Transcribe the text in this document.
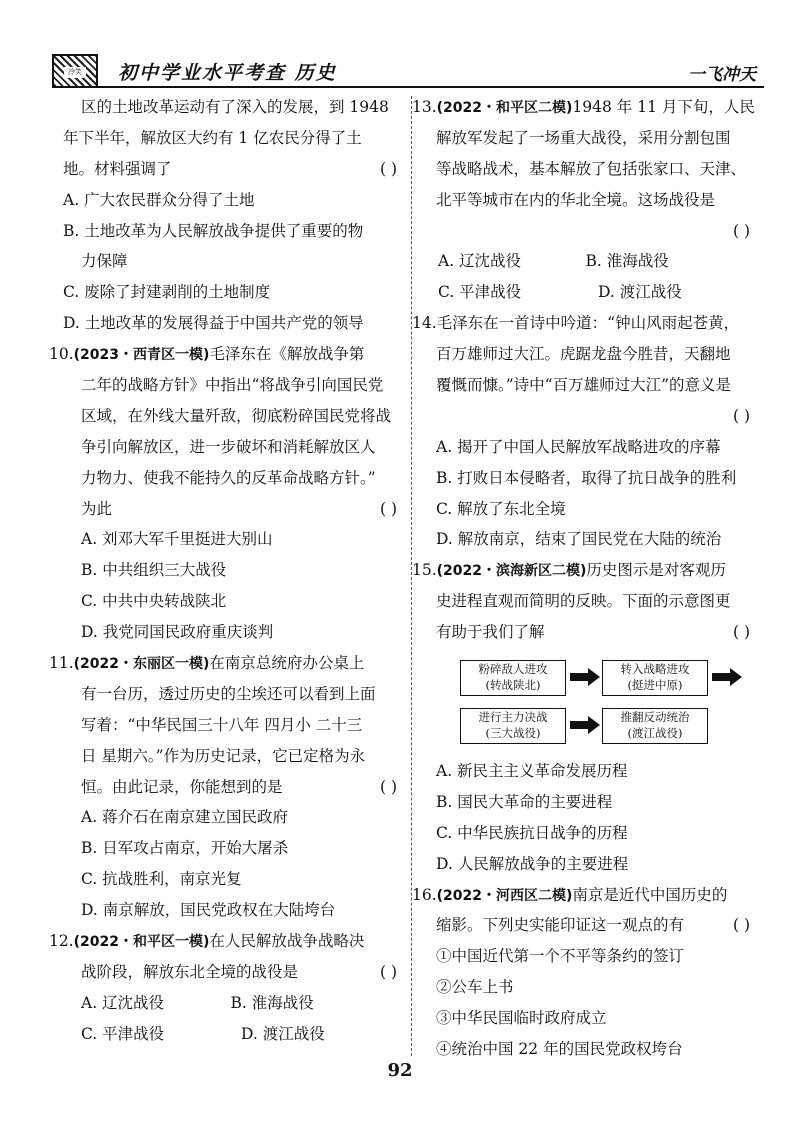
冷笑 初中学业水平考查 历史	一飞冲天
区的土地改革运动有了深入的发展，到 1948
年下半年，解放区大约有 1 亿农民分得了土
地。材料强调了	( )
A. 广大农民群众分得了土地
B. 土地改革为人民解放战争提供了重要的物
力保障
C. 废除了封建剥削的土地制度
D. 土地改革的发展得益于中国共产党的领导
10.(2023・西青区一模)毛泽东在《解放战争第
二年的战略方针》中指出“将战争引向国民党
区域，在外线大量歼敌，彻底粉碎国民党将战
争引向解放区，进一步破坏和消耗解放区人
力物力、使我不能持久的反革命战略方针。”
为此	( )
A. 刘邓大军千里挺进大别山
B. 中共组织三大战役
C. 中共中央转战陕北
D. 我党同国民政府重庆谈判
11.(2022・东丽区一模)在南京总统府办公桌上
有一台历，透过历史的尘埃还可以看到上面
写着：“中华民国三十八年 四月小 二十三
日 星期六。”作为历史记录，它已定格为永
恒。由此记录，你能想到的是	( )
A. 蒋介石在南京建立国民政府
B. 日军攻占南京，开始大屠杀
C. 抗战胜利，南京光复
D. 南京解放，国民党政权在大陆垮台
12.(2022・和平区一模)在人民解放战争战略决
战阶段，解放东北全境的战役是	( )
A. 辽沈战役	B. 淮海战役
C. 平津战役	D. 渡江战役
13.(2022・和平区二模)1948 年 11 月下旬，人民
解放军发起了一场重大战役，采用分割包围
等战略战术，基本解放了包括张家口、天津、
北平等城市在内的华北全境。这场战役是
( )
A. 辽沈战役	B. 淮海战役
C. 平津战役	D. 渡江战役
14.毛泽东在一首诗中吟道：“钟山风雨起苍黄，
百万雄师过大江。虎踞龙盘今胜昔，天翻地
覆慨而慷。”诗中“百万雄师过大江”的意义是
( )
A. 揭开了中国人民解放军战略进攻的序幕
B. 打败日本侵略者，取得了抗日战争的胜利
C. 解放了东北全境
D. 解放南京，结束了国民党在大陆的统治
15.(2022・滨海新区二模)历史图示是对客观历
史进程直观而简明的反映。下面的示意图更
有助于我们了解	( )
粉碎敌人进攻
(转战陕北)
转入战略进攻
(挺进中原)
进行主力决战
(三大战役)
推翻反动统治
(渡江战役)
A. 新民主主义革命发展历程
B. 国民大革命的主要进程
C. 中华民族抗日战争的历程
D. 人民解放战争的主要进程
16.(2022・河西区二模)南京是近代中国历史的
缩影。下列史实能印证这一观点的有	( )
①中国近代第一个不平等条约的签订
②公车上书
③中华民国临时政府成立
④统治中国 22 年的国民党政权垮台
92
